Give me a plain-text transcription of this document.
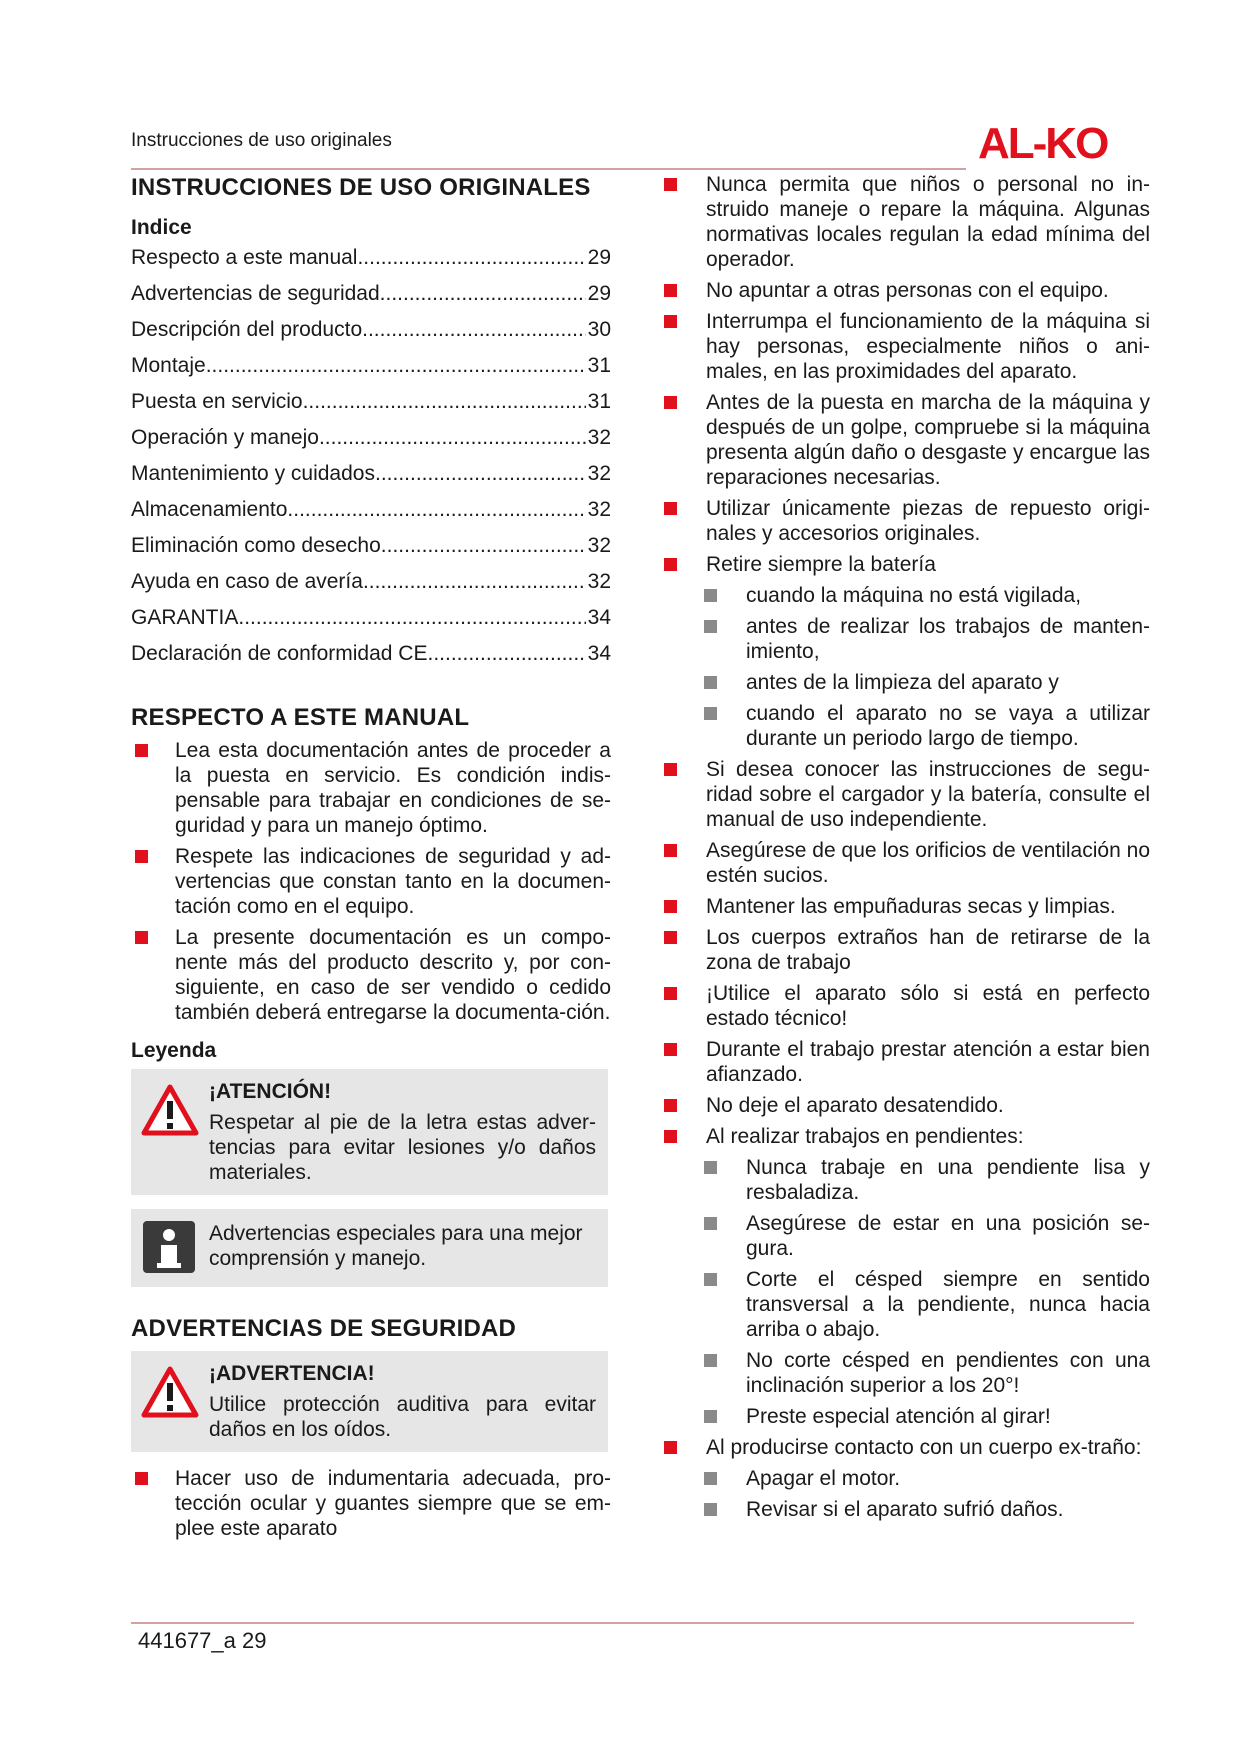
Instrucciones de uso originales	AL-KO
INSTRUCCIONES DE USO ORIGINALES
Indice
Respecto a este manual .....	29
Advertencias de seguridad .....	29
Descripción del producto .....	30
Montaje .....	31
Puesta en servicio .....	31
Operación y manejo .....	32
Mantenimiento y cuidados .....	32
Almacenamiento .....	32
Eliminación como desecho .....	32
Ayuda en caso de avería .....	32
GARANTIA .....	34
Declaración de conformidad CE .....	34
RESPECTO A ESTE MANUAL
Lea esta documentación antes de proceder a la puesta en servicio. Es condición indis-pensable para trabajar en condiciones de se-guridad y para un manejo óptimo.
Respete las indicaciones de seguridad y ad-vertencias que constan tanto en la documen-tación como en el equipo.
La presente documentación es un compo-nente más del producto descrito y, por con-siguiente, en caso de ser vendido o cedido también deberá entregarse la documenta-ción.
Leyenda
¡ATENCIÓN!
Respetar al pie de la letra estas adver-tencias para evitar lesiones y/o daños materiales.
Advertencias especiales para una mejor comprensión y manejo.
ADVERTENCIAS DE SEGURIDAD
¡ADVERTENCIA!
Utilice protección auditiva para evitar daños en los oídos.
Hacer uso de indumentaria adecuada, pro-tección ocular y guantes siempre que se em-plee este aparato
Nunca permita que niños o personal no in-struido maneje o repare la máquina. Algunas normativas locales regulan la edad mínima del operador.
No apuntar a otras personas con el equipo.
Interrumpa el funcionamiento de la máquina si hay personas, especialmente niños o ani-males, en las proximidades del aparato.
Antes de la puesta en marcha de la máquina y después de un golpe, compruebe si la máquina presenta algún daño o desgaste y encargue las reparaciones necesarias.
Utilizar únicamente piezas de repuesto origi-nales y accesorios originales.
Retire siempre la batería
cuando la máquina no está vigilada,
antes de realizar los trabajos de manten-imiento,
antes de la limpieza del aparato y
cuando el aparato no se vaya a utilizar durante un periodo largo de tiempo.
Si desea conocer las instrucciones de segu-ridad sobre el cargador y la batería, consulte el manual de uso independiente.
Asegúrese de que los orificios de ventilación no estén sucios.
Mantener las empuñaduras secas y limpias.
Los cuerpos extraños han de retirarse de la zona de trabajo
¡Utilice el aparato sólo si está en perfecto estado técnico!
Durante el trabajo prestar atención a estar bien afianzado.
No deje el aparato desatendido.
Al realizar trabajos en pendientes:
Nunca trabaje en una pendiente lisa y resbaladiza.
Asegúrese de estar en una posición se-gura.
Corte el césped siempre en sentido transversal a la pendiente, nunca hacia arriba o abajo.
No corte césped en pendientes con una inclinación superior a los 20°!
Preste especial atención al girar!
Al producirse contacto con un cuerpo ex-traño:
Apagar el motor.
Revisar si el aparato sufrió daños.
441677_a 29
